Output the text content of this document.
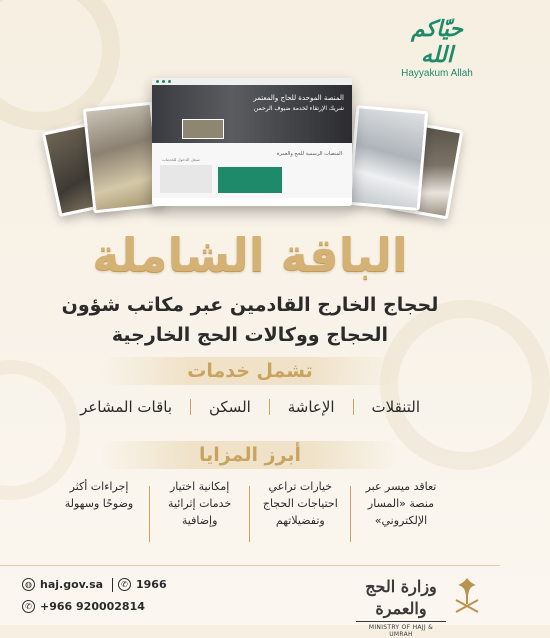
حيّاكم الله
Hayyakum Allah
المنصة الموحدة للحاج والمعتمر
شريك الإرتقاء لخدمة ضيوف الرحمن
المنصات الرسمية للحج والعمرة
سجل الدخول للخدمات
الباقة الشاملة
لحجاج الخارج القادمين عبر مكاتب شؤون
الحجاج ووكالات الحج الخارجية
تشمل خدمات
باقات المشاعر السكن الإعاشة التنقلات
أبرز المزايا
تعاقد ميسر عبر منصة «المسار الإلكتروني»
خيارات تراعي احتياجات الحجاج وتفضيلاتهم
إمكانية اختيار خدمات إثرائية وإضافية
إجراءات أكثر وضوحًا وسهولة
◍ haj.gov.sa	✆ 1966
✆ +966 920002814
وزارة الحج والعمرة
MINISTRY OF HAJJ & UMRAH
